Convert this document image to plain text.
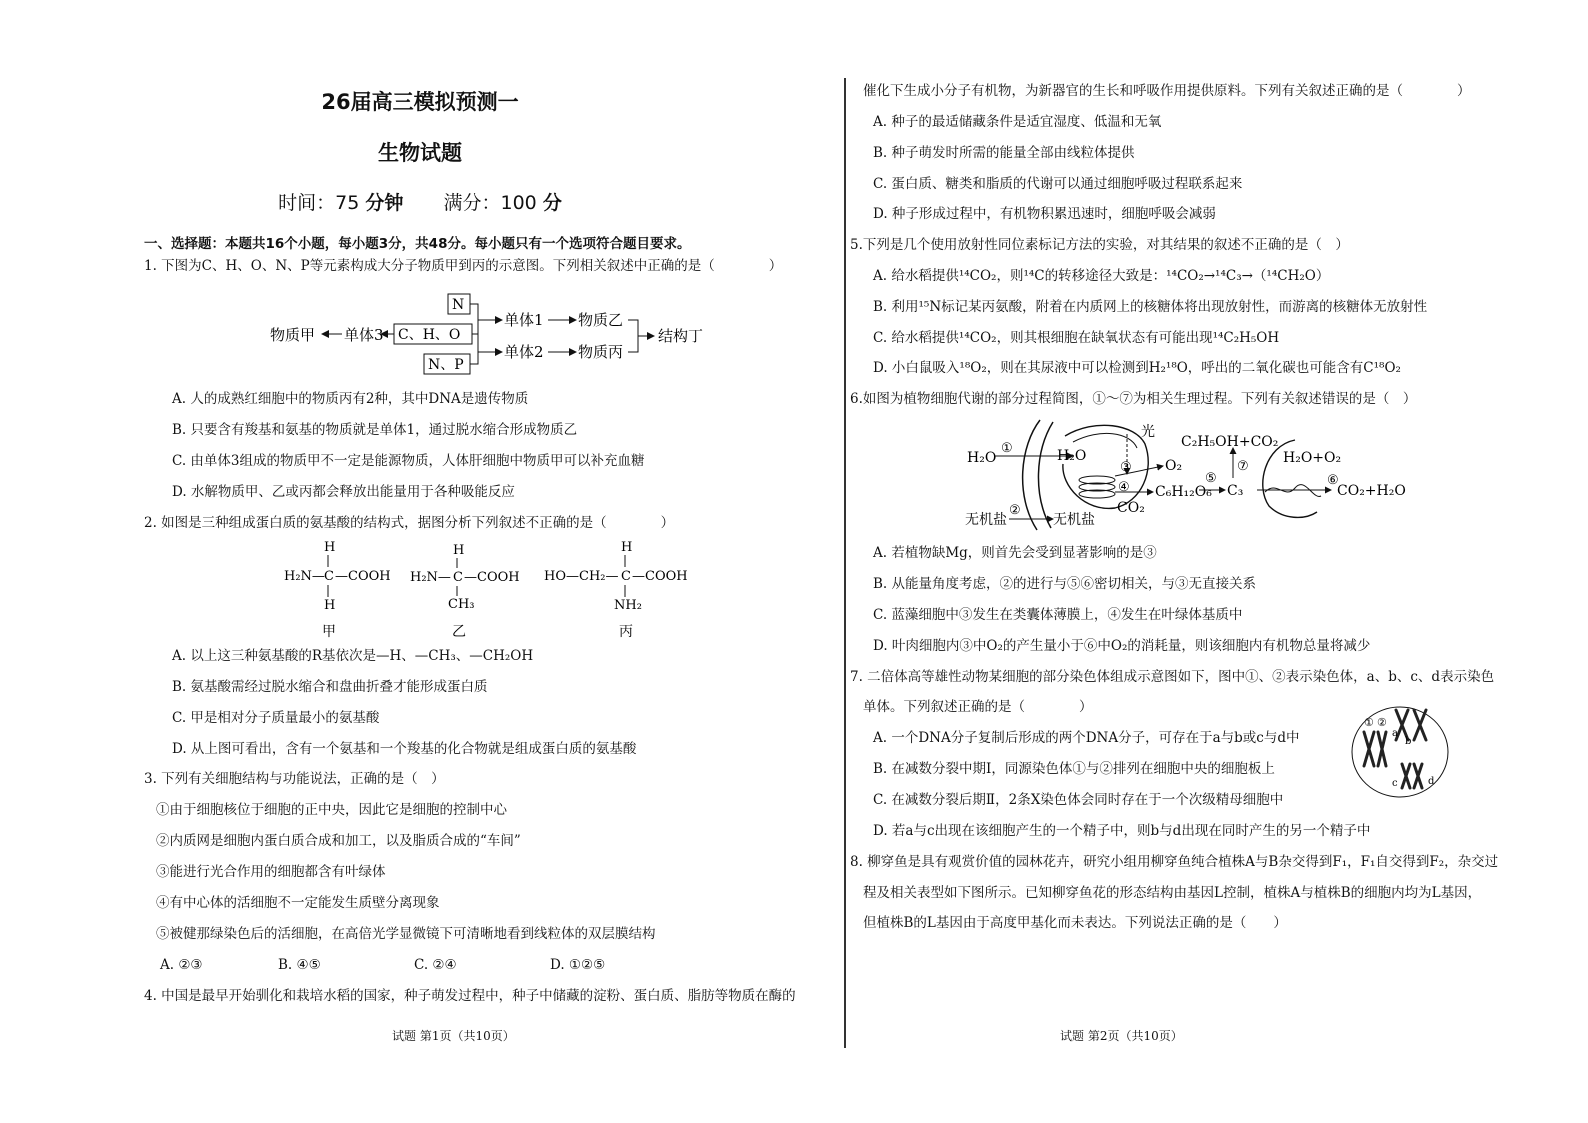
26届高三模拟预测一
生物试题
时间：75 分钟 满分：100 分
一、选择题：本题共16个小题，每小题3分，共48分。每小题只有一个选项符合题目要求。
1. 下图为C、H、O、N、P等元素构成大分子物质甲到丙的示意图。下列相关叙述中正确的是（　　　　）
N
C、H、O
N、P
物质甲 单体3
单体1 物质乙
单体2 物质丙
结构丁
A. 人的成熟红细胞中的物质丙有2种，其中DNA是遗传物质
B. 只要含有羧基和氨基的物质就是单体1，通过脱水缩合形成物质乙
C. 由单体3组成的物质甲不一定是能源物质，人体肝细胞中物质甲可以补充血糖
D. 水解物质甲、乙或丙都会释放出能量用于各种吸能反应
2. 如图是三种组成蛋白质的氨基酸的结构式，据图分析下列叙述不正确的是（　　　　）
H
H₂N— C —COOH
H
甲
H
H₂N— C —COOH
CH₃
乙
H
HO—CH₂— C —COOH
NH₂
丙
A. 以上这三种氨基酸的R基依次是—H、—CH₃、—CH₂OH
B. 氨基酸需经过脱水缩合和盘曲折叠才能形成蛋白质
C. 甲是相对分子质量最小的氨基酸
D. 从上图可看出，含有一个氨基和一个羧基的化合物就是组成蛋白质的氨基酸
3. 下列有关细胞结构与功能说法，正确的是（　）
①由于细胞核位于细胞的正中央，因此它是细胞的控制中心
②内质网是细胞内蛋白质合成和加工，以及脂质合成的“车间”
③能进行光合作用的细胞都含有叶绿体
④有中心体的活细胞不一定能发生质壁分离现象
⑤被健那绿染色后的活细胞，在高倍光学显微镜下可清晰地看到线粒体的双层膜结构
A. ②③	B. ④⑤	C. ②④	D. ①②⑤
4. 中国是最早开始驯化和栽培水稻的国家，种子萌发过程中，种子中储藏的淀粉、蛋白质、脂肪等物质在酶的
试题 第1页（共10页）
催化下生成小分子有机物，为新器官的生长和呼吸作用提供原料。下列有关叙述正确的是（　　　　）
A. 种子的最适储藏条件是适宜湿度、低温和无氧
B. 种子萌发时所需的能量全部由线粒体提供
C. 蛋白质、糖类和脂质的代谢可以通过细胞呼吸过程联系起来
D. 种子形成过程中，有机物积累迅速时，细胞呼吸会减弱
5.下列是几个使用放射性同位素标记方法的实验，对其结果的叙述不正确的是（　）
A. 给水稻提供¹⁴CO₂，则¹⁴C的转移途径大致是：¹⁴CO₂→¹⁴C₃→（¹⁴CH₂O）
B. 利用¹⁵N标记某丙氨酸，附着在内质网上的核糖体将出现放射性，而游离的核糖体无放射性
C. 给水稻提供¹⁴CO₂，则其根细胞在缺氧状态有可能出现¹⁴C₂H₅OH
D. 小白鼠吸入¹⁸O₂，则在其尿液中可以检测到H₂¹⁸O，呼出的二氧化碳也可能含有C¹⁸O₂
6.如图为植物细胞代谢的部分过程简图，①～⑦为相关生理过程。下列有关叙述错误的是（　）
H₂O
①	H₂O
光
③ O₂
④ C₆H₁₂O₆
CO₂
⑤
C₃
⑦
C₂H₅OH+CO₂
H₂O+O₂
⑥
CO₂+H₂O
无机盐
②
无机盐
A. 若植物缺Mg，则首先会受到显著影响的是③
B. 从能量角度考虑，②的进行与⑤⑥密切相关，与③无直接关系
C. 蓝藻细胞中③发生在类囊体薄膜上，④发生在叶绿体基质中
D. 叶肉细胞内③中O₂的产生量小于⑥中O₂的消耗量，则该细胞内有机物总量将减少
7. 二倍体高等雄性动物某细胞的部分染色体组成示意图如下，图中①、②表示染色体，a、b、c、d表示染色
单体。下列叙述正确的是（　　　　）
A. 一个DNA分子复制后形成的两个DNA分子，可存在于a与b或c与d中
B. 在减数分裂中期Ⅰ，同源染色体①与②排列在细胞中央的细胞板上
C. 在减数分裂后期Ⅱ，2条X染色体会同时存在于一个次级精母细胞中
D. 若a与c出现在该细胞产生的一个精子中，则b与d出现在同时产生的另一个精子中
① ②
a
b
c	d
8. 柳穿鱼是具有观赏价值的园林花卉，研究小组用柳穿鱼纯合植株A与B杂交得到F₁，F₁自交得到F₂，杂交过
程及相关表型如下图所示。已知柳穿鱼花的形态结构由基因L控制，植株A与植株B的细胞内均为L基因，
但植株B的L基因由于高度甲基化而未表达。下列说法正确的是（　　）
试题 第2页（共10页）
